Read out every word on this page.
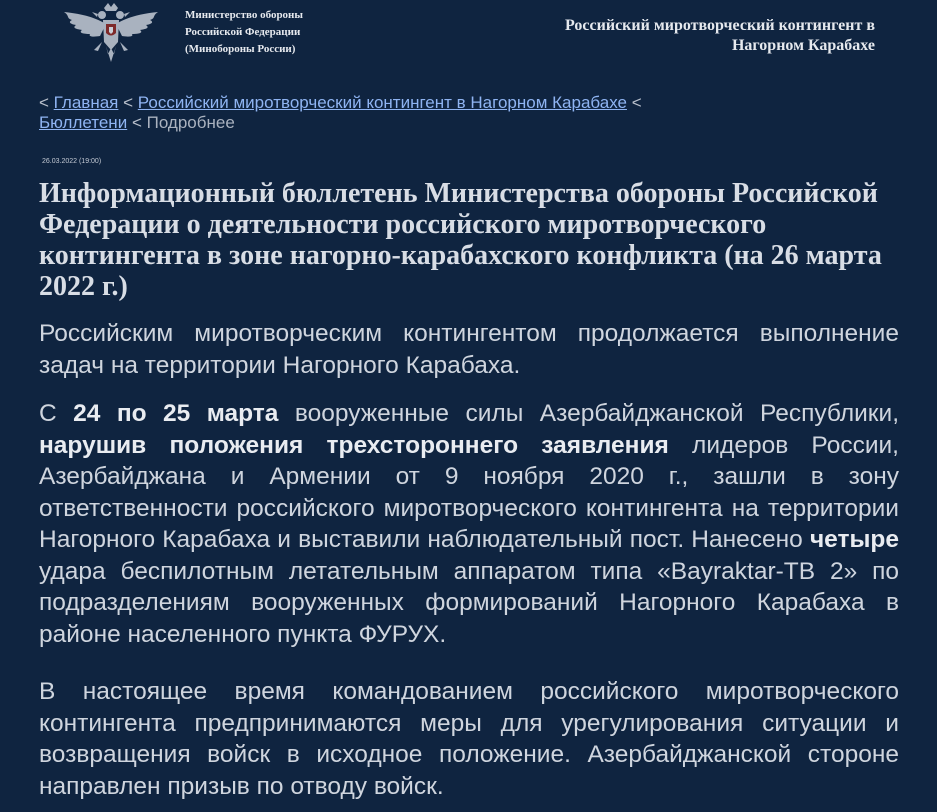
Министерство обороны
Российской Федерации
(Минобороны России)
Российский миротворческий контингент в
Нагорном Карабахе
< Главная < Российский миротворческий контингент в Нагорном Карабахе < Бюллетени < Подробнее
26.03.2022 (19:00)
Информационный бюллетень Министерства обороны Российской Федерации о деятельности российского миротворческого контингента в зоне нагорно-карабахского конфликта (на 26 марта 2022 г.)

Российским миротворческим контингентом продолжается выполнение задач на территории Нагорного Карабаха.

С 24 по 25 марта вооруженные силы Азербайджанской Республики, нарушив положения трехстороннего заявления лидеров России, Азербайджана и Армении от 9 ноября 2020 г., зашли в зону ответственности российского миротворческого контингента на территории Нагорного Карабаха и выставили наблюдательный пост. Нанесено четыре удара беспилотным летательным аппаратом типа «Bayraktar-ТВ 2» по подразделениям вооруженных формирований Нагорного Карабаха в районе населенного пункта ФУРУХ.

В настоящее время командованием российского миротворческого контингента предпринимаются меры для урегулирования ситуации и возвращения войск в исходное положение. Азербайджанской стороне направлен призыв по отводу войск.
